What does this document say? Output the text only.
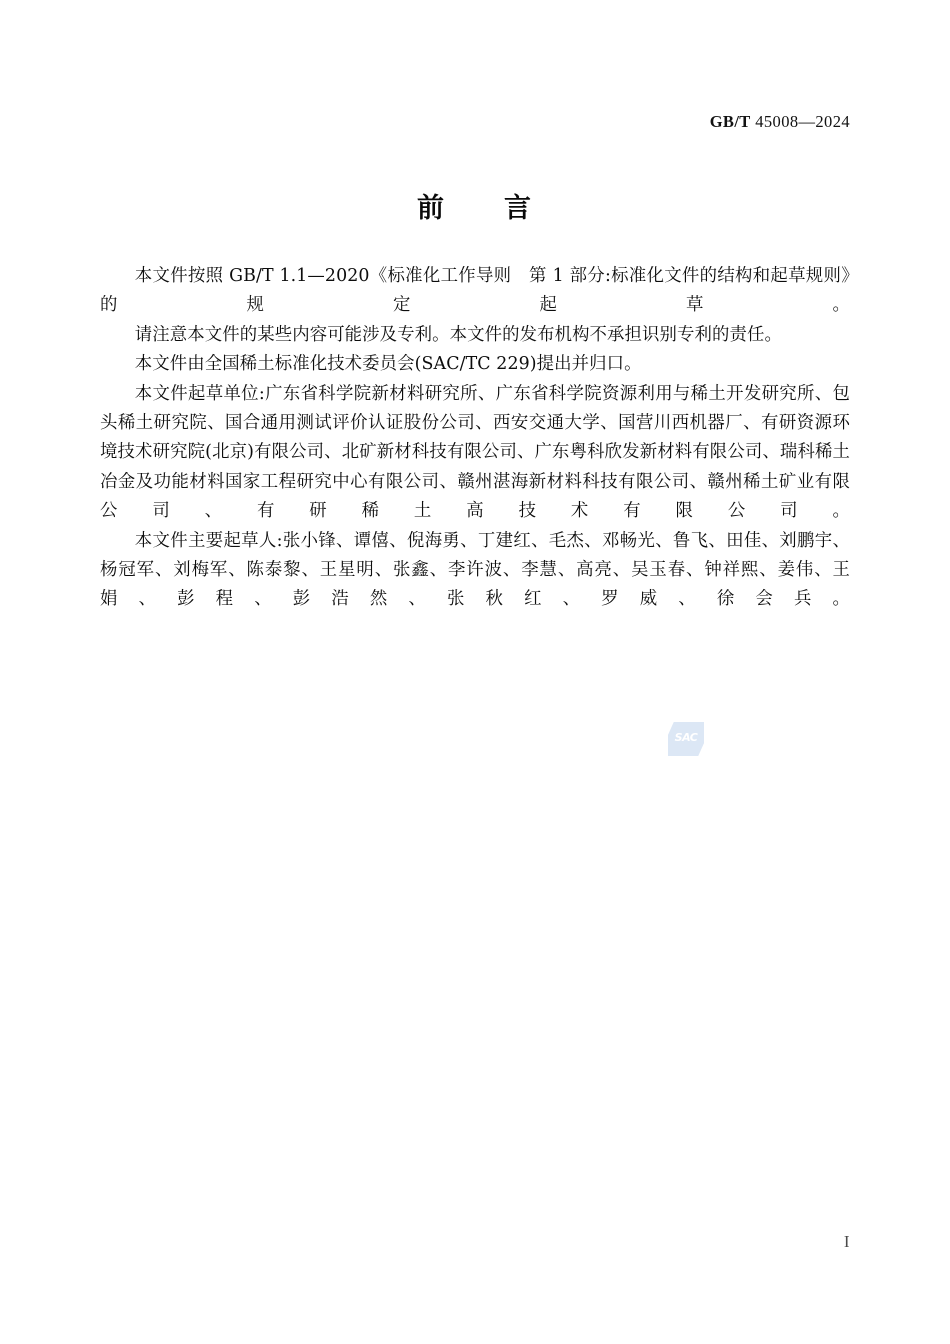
GB/T 45008—2024
前　　言

本文件按照 GB/T 1.1—2020《标准化工作导则　第 1 部分:标准化文件的结构和起草规则》的规定起草。

请注意本文件的某些内容可能涉及专利。本文件的发布机构不承担识别专利的责任。

本文件由全国稀土标准化技术委员会(SAC/TC 229)提出并归口。

本文件起草单位:广东省科学院新材料研究所、广东省科学院资源利用与稀土开发研究所、包头稀土研究院、国合通用测试评价认证股份公司、西安交通大学、国营川西机器厂、有研资源环境技术研究院(北京)有限公司、北矿新材科技有限公司、广东粤科欣发新材料有限公司、瑞科稀土冶金及功能材料国家工程研究中心有限公司、赣州湛海新材料科技有限公司、赣州稀土矿业有限公司、有研稀土高技术有限公司。

本文件主要起草人:张小锋、谭僖、倪海勇、丁建红、毛杰、邓畅光、鲁飞、田佳、刘鹏宇、杨冠军、刘梅军、陈泰黎、王星明、张鑫、李许波、李慧、高亮、吴玉春、钟祥熙、姜伟、王娟、彭程、彭浩然、张秋红、罗威、徐会兵。

SAC
I
